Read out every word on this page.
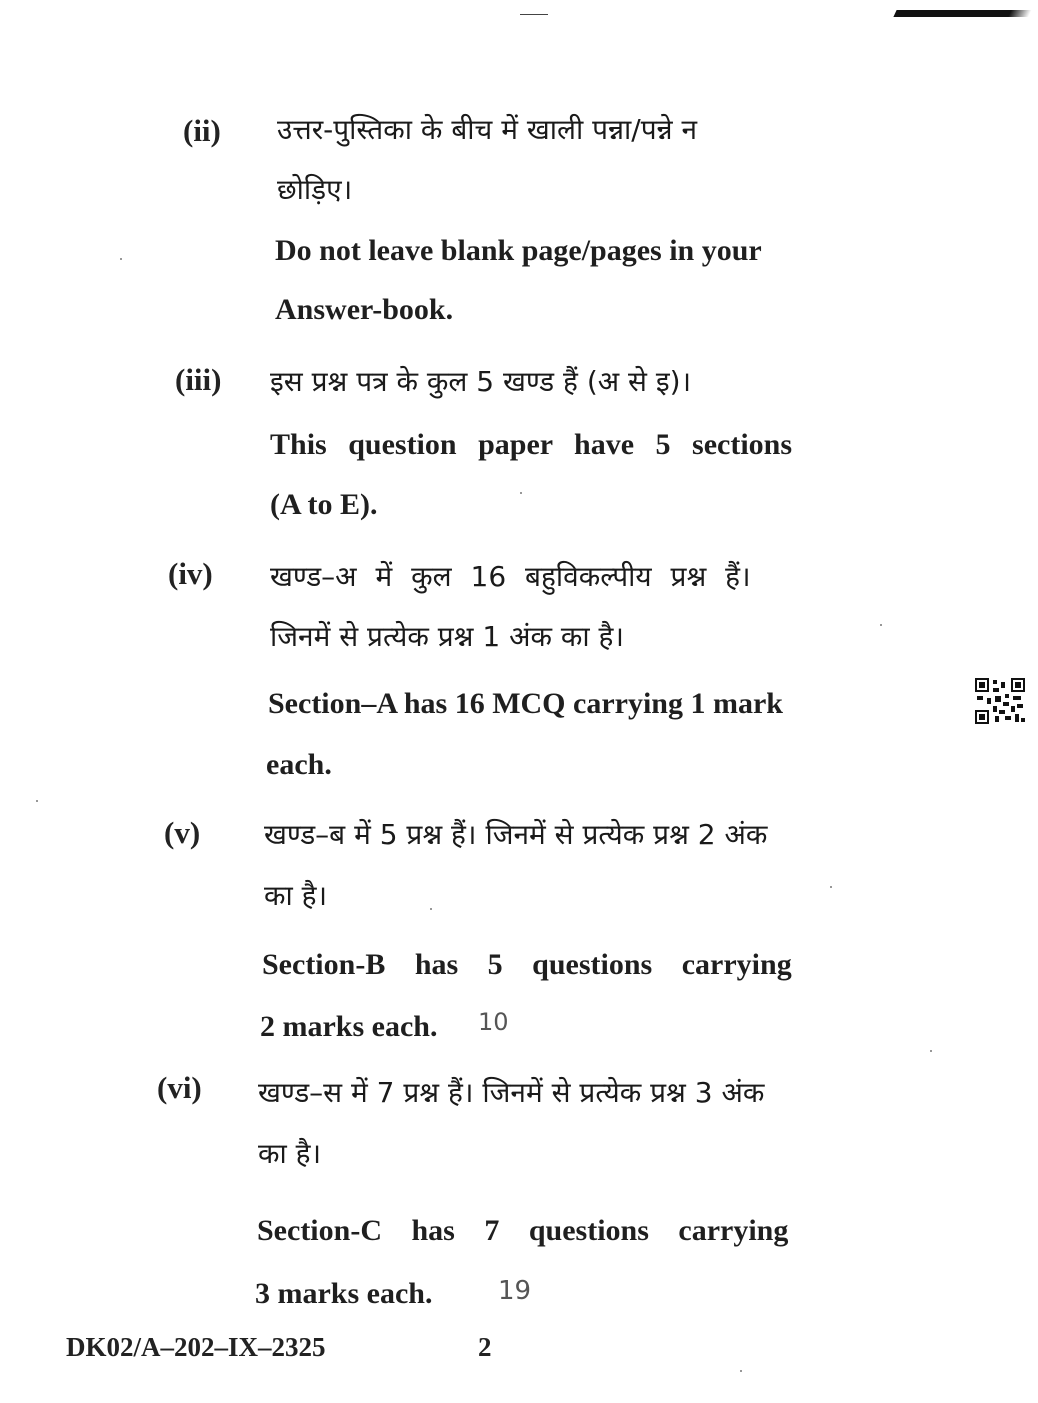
(ii) उत्तर-पुस्तिका के बीच में खाली पन्ना/पन्ने न
छोड़िए।
Do not leave blank page/pages in your
Answer-book.
(iii) इस प्रश्न पत्र के कुल 5 खण्ड हैं (अ से इ)।
This question paper have 5 sections
(A to E).
(iv) खण्ड–अ में कुल 16 बहुविकल्पीय प्रश्न हैं।
जिनमें से प्रत्येक प्रश्न 1 अंक का है।
Section–A has 16 MCQ carrying 1 mark
each.
(v) खण्ड–ब में 5 प्रश्न हैं। जिनमें से प्रत्येक प्रश्न 2 अंक
का है।
Section-B has 5 questions carrying
2 marks each. 10
(vi) खण्ड–स में 7 प्रश्न हैं। जिनमें से प्रत्येक प्रश्न 3 अंक
का है।
Section-C has 7 questions carrying
3 marks each.	19
DK02/A–202–IX–2325	2
